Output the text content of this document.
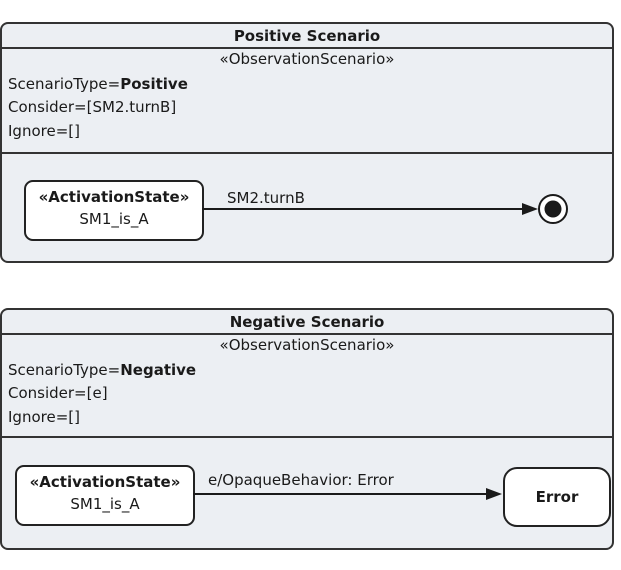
Positive Scenario
«ObservationScenario»
ScenarioType=Positive
Consider=[SM2.turnB]
Ignore=[]
«ActivationState»
SM1_is_A
SM2.turnB
Negative Scenario
«ObservationScenario»
ScenarioType=Negative
Consider=[e]
Ignore=[]
«ActivationState»
SM1_is_A
e/OpaqueBehavior: Error
Error
